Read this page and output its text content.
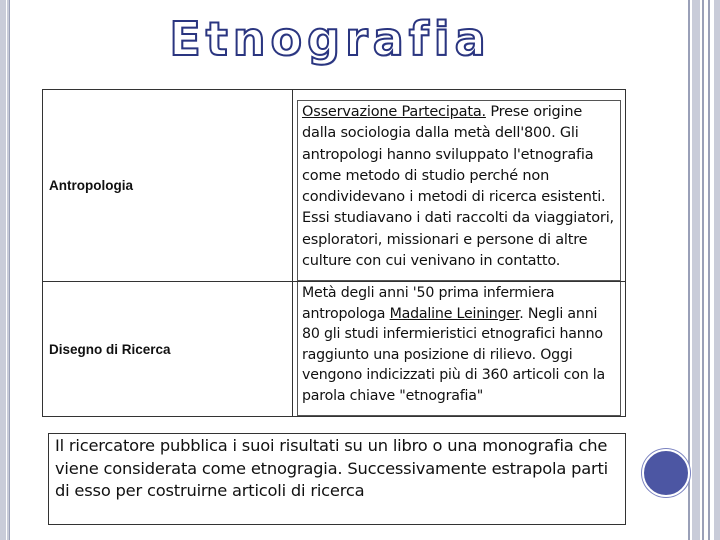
Etnografia
Antropologia
Osservazione Partecipata. Prese origine dalla sociologia dalla metà dell'800. Gli antropologi hanno sviluppato l'etnografia come metodo di studio perché non condividevano i metodi di ricerca esistenti. Essi studiavano i dati raccolti da viaggiatori, esploratori, missionari e persone di altre culture con cui venivano in contatto.
Disegno di Ricerca
Metà degli anni '50 prima infermiera antropologa Madaline Leininger. Negli anni 80 gli studi infermieristici etnografici hanno raggiunto una posizione di rilievo. Oggi vengono indicizzati più di 360 articoli con la parola chiave "etnografia"
Il ricercatore pubblica i suoi risultati su un libro o una monografia che viene considerata come etnogragia. Successivamente estrapola parti di esso per costruirne articoli di ricerca
